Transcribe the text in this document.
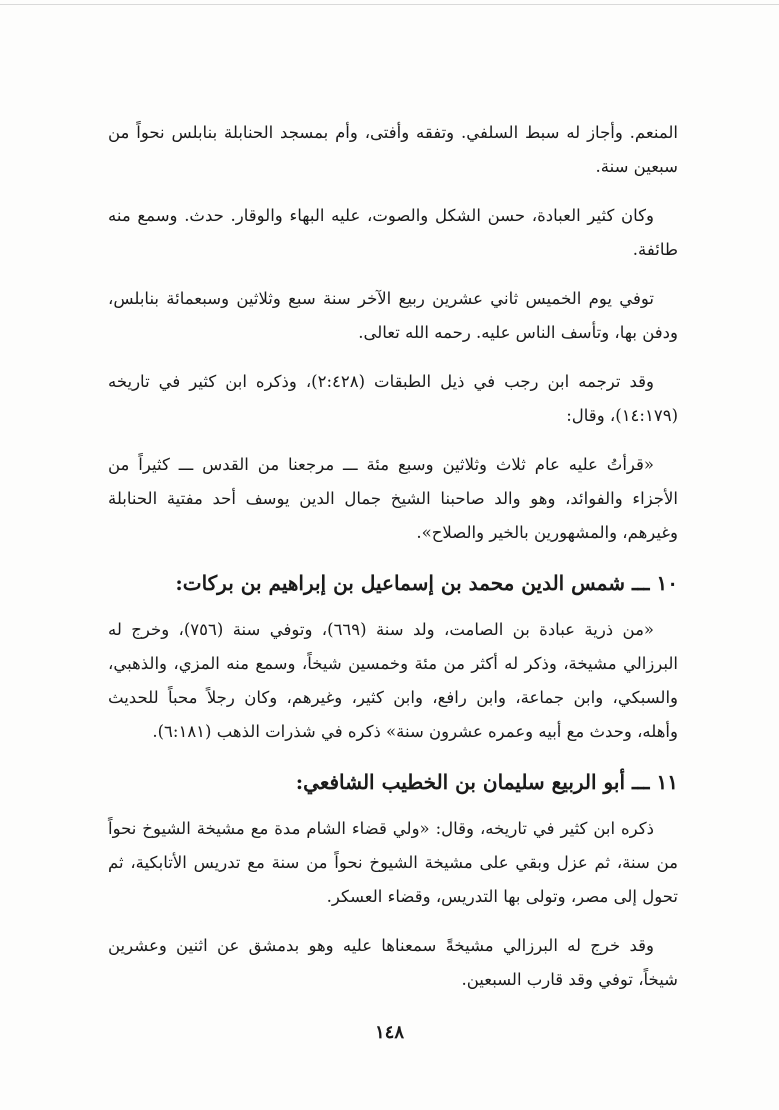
المنعم. وأجاز له سبط السلفي. وتفقه وأفتى، وأم بمسجد الحنابلة بنابلس نحواً من سبعين سنة.

وكان كثير العبادة، حسن الشكل والصوت، عليه البهاء والوقار. حدث. وسمع منه طائفة.

توفي يوم الخميس ثاني عشرين ربيع الآخر سنة سبع وثلاثين وسبعمائة بنابلس، ودفن بها، وتأسف الناس عليه. رحمه الله تعالى.

وقد ترجمه ابن رجب في ذيل الطبقات (٢:٤٢٨)، وذكره ابن كثير في تاريخه (١٤:١٧٩)، وقال:

«قرأتُ عليه عام ثلاث وثلاثين وسبع مئة ـــ مرجعنا من القدس ـــ كثيراً من الأجزاء والفوائد، وهو والد صاحبنا الشيخ جمال الدين يوسف أحد مفتية الحنابلة وغيرهم، والمشهورين بالخير والصلاح».

١٠ ـــ شمس الدين محمد بن إسماعيل بن إبراهيم بن بركات:

«من ذرية عبادة بن الصامت، ولد سنة (٦٦٩)، وتوفي سنة (٧٥٦)، وخرج له البرزالي مشيخة، وذكر له أكثر من مئة وخمسين شيخاً، وسمع منه المزي، والذهبي، والسبكي، وابن جماعة، وابن رافع، وابن كثير، وغيرهم، وكان رجلاً محباً للحديث وأهله، وحدث مع أبيه وعمره عشرون سنة» ذكره في شذرات الذهب (٦:١٨١).

١١ ـــ أبو الربيع سليمان بن الخطيب الشافعي:

ذكره ابن كثير في تاريخه، وقال: «ولي قضاء الشام مدة مع مشيخة الشيوخ نحواً من سنة، ثم عزل وبقي على مشيخة الشيوخ نحواً من سنة مع تدريس الأتابكية، ثم تحول إلى مصر، وتولى بها التدريس، وقضاء العسكر.

وقد خرج له البرزالي مشيخةً سمعناها عليه وهو بدمشق عن اثنين وعشرين شيخاً، توفي وقد قارب السبعين.

١٤٨
